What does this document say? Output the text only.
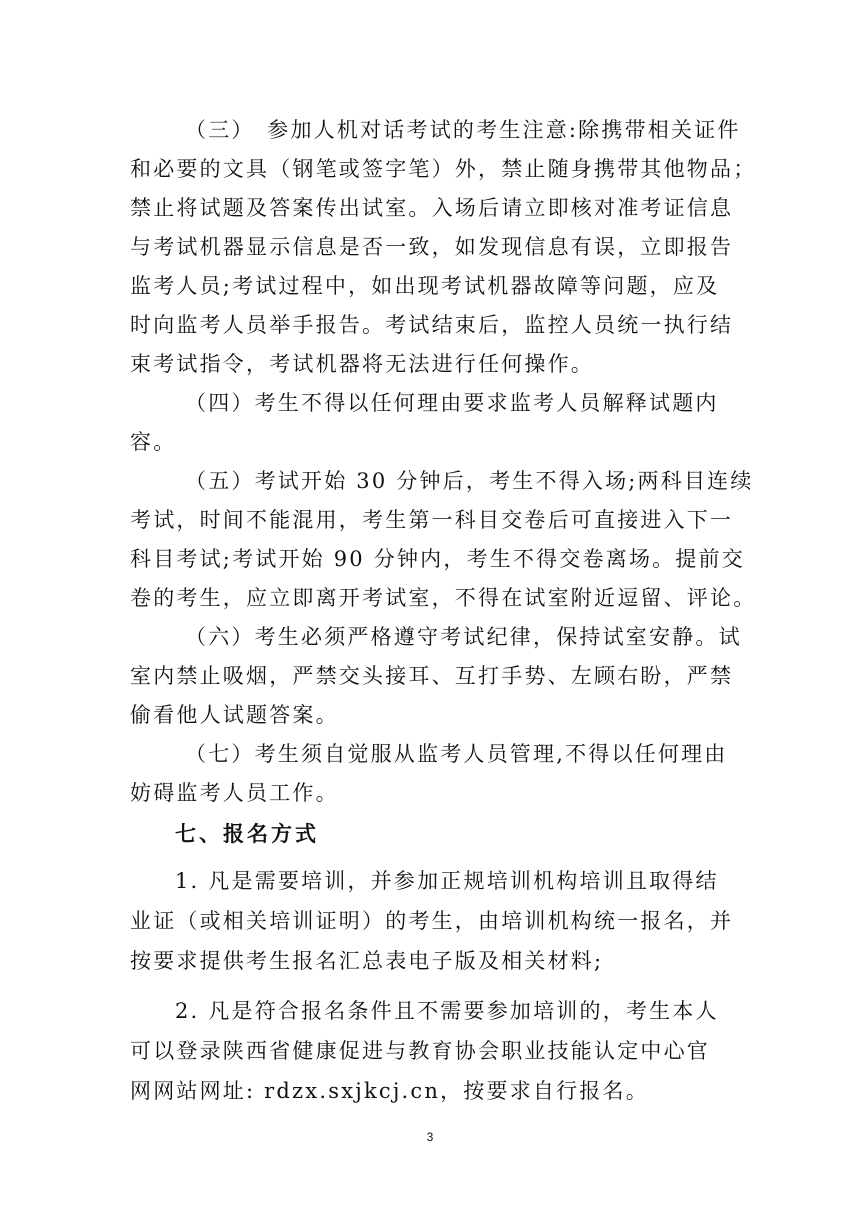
（三）　参加人机对话考试的考生注意:除携带相关证件
和必要的文具（钢笔或签字笔）外，禁止随身携带其他物品；
禁止将试题及答案传出试室。入场后请立即核对准考证信息
与考试机器显示信息是否一致，如发现信息有误，立即报告
监考人员;考试过程中，如出现考试机器故障等问题，应及
时向监考人员举手报告。考试结束后，监控人员统一执行结
束考试指令，考试机器将无法进行任何操作。
（四）考生不得以任何理由要求监考人员解释试题内
容。
（五）考试开始 30 分钟后，考生不得入场;两科目连续
考试，时间不能混用，考生第一科目交卷后可直接进入下一
科目考试;考试开始 90 分钟内，考生不得交卷离场。提前交
卷的考生，应立即离开考试室，不得在试室附近逗留、评论。
（六）考生必须严格遵守考试纪律，保持试室安静。试
室内禁止吸烟，严禁交头接耳、互打手势、左顾右盼，严禁
偷看他人试题答案。
（七）考生须自觉服从监考人员管理,不得以任何理由
妨碍监考人员工作。
七、报名方式
1. 凡是需要培训，并参加正规培训机构培训且取得结
业证（或相关培训证明）的考生，由培训机构统一报名，并
按要求提供考生报名汇总表电子版及相关材料;
2. 凡是符合报名条件且不需要参加培训的，考生本人
可以登录陕西省健康促进与教育协会职业技能认定中心官
网网站网址: rdzx.sxjkcj.cn，按要求自行报名。
3
